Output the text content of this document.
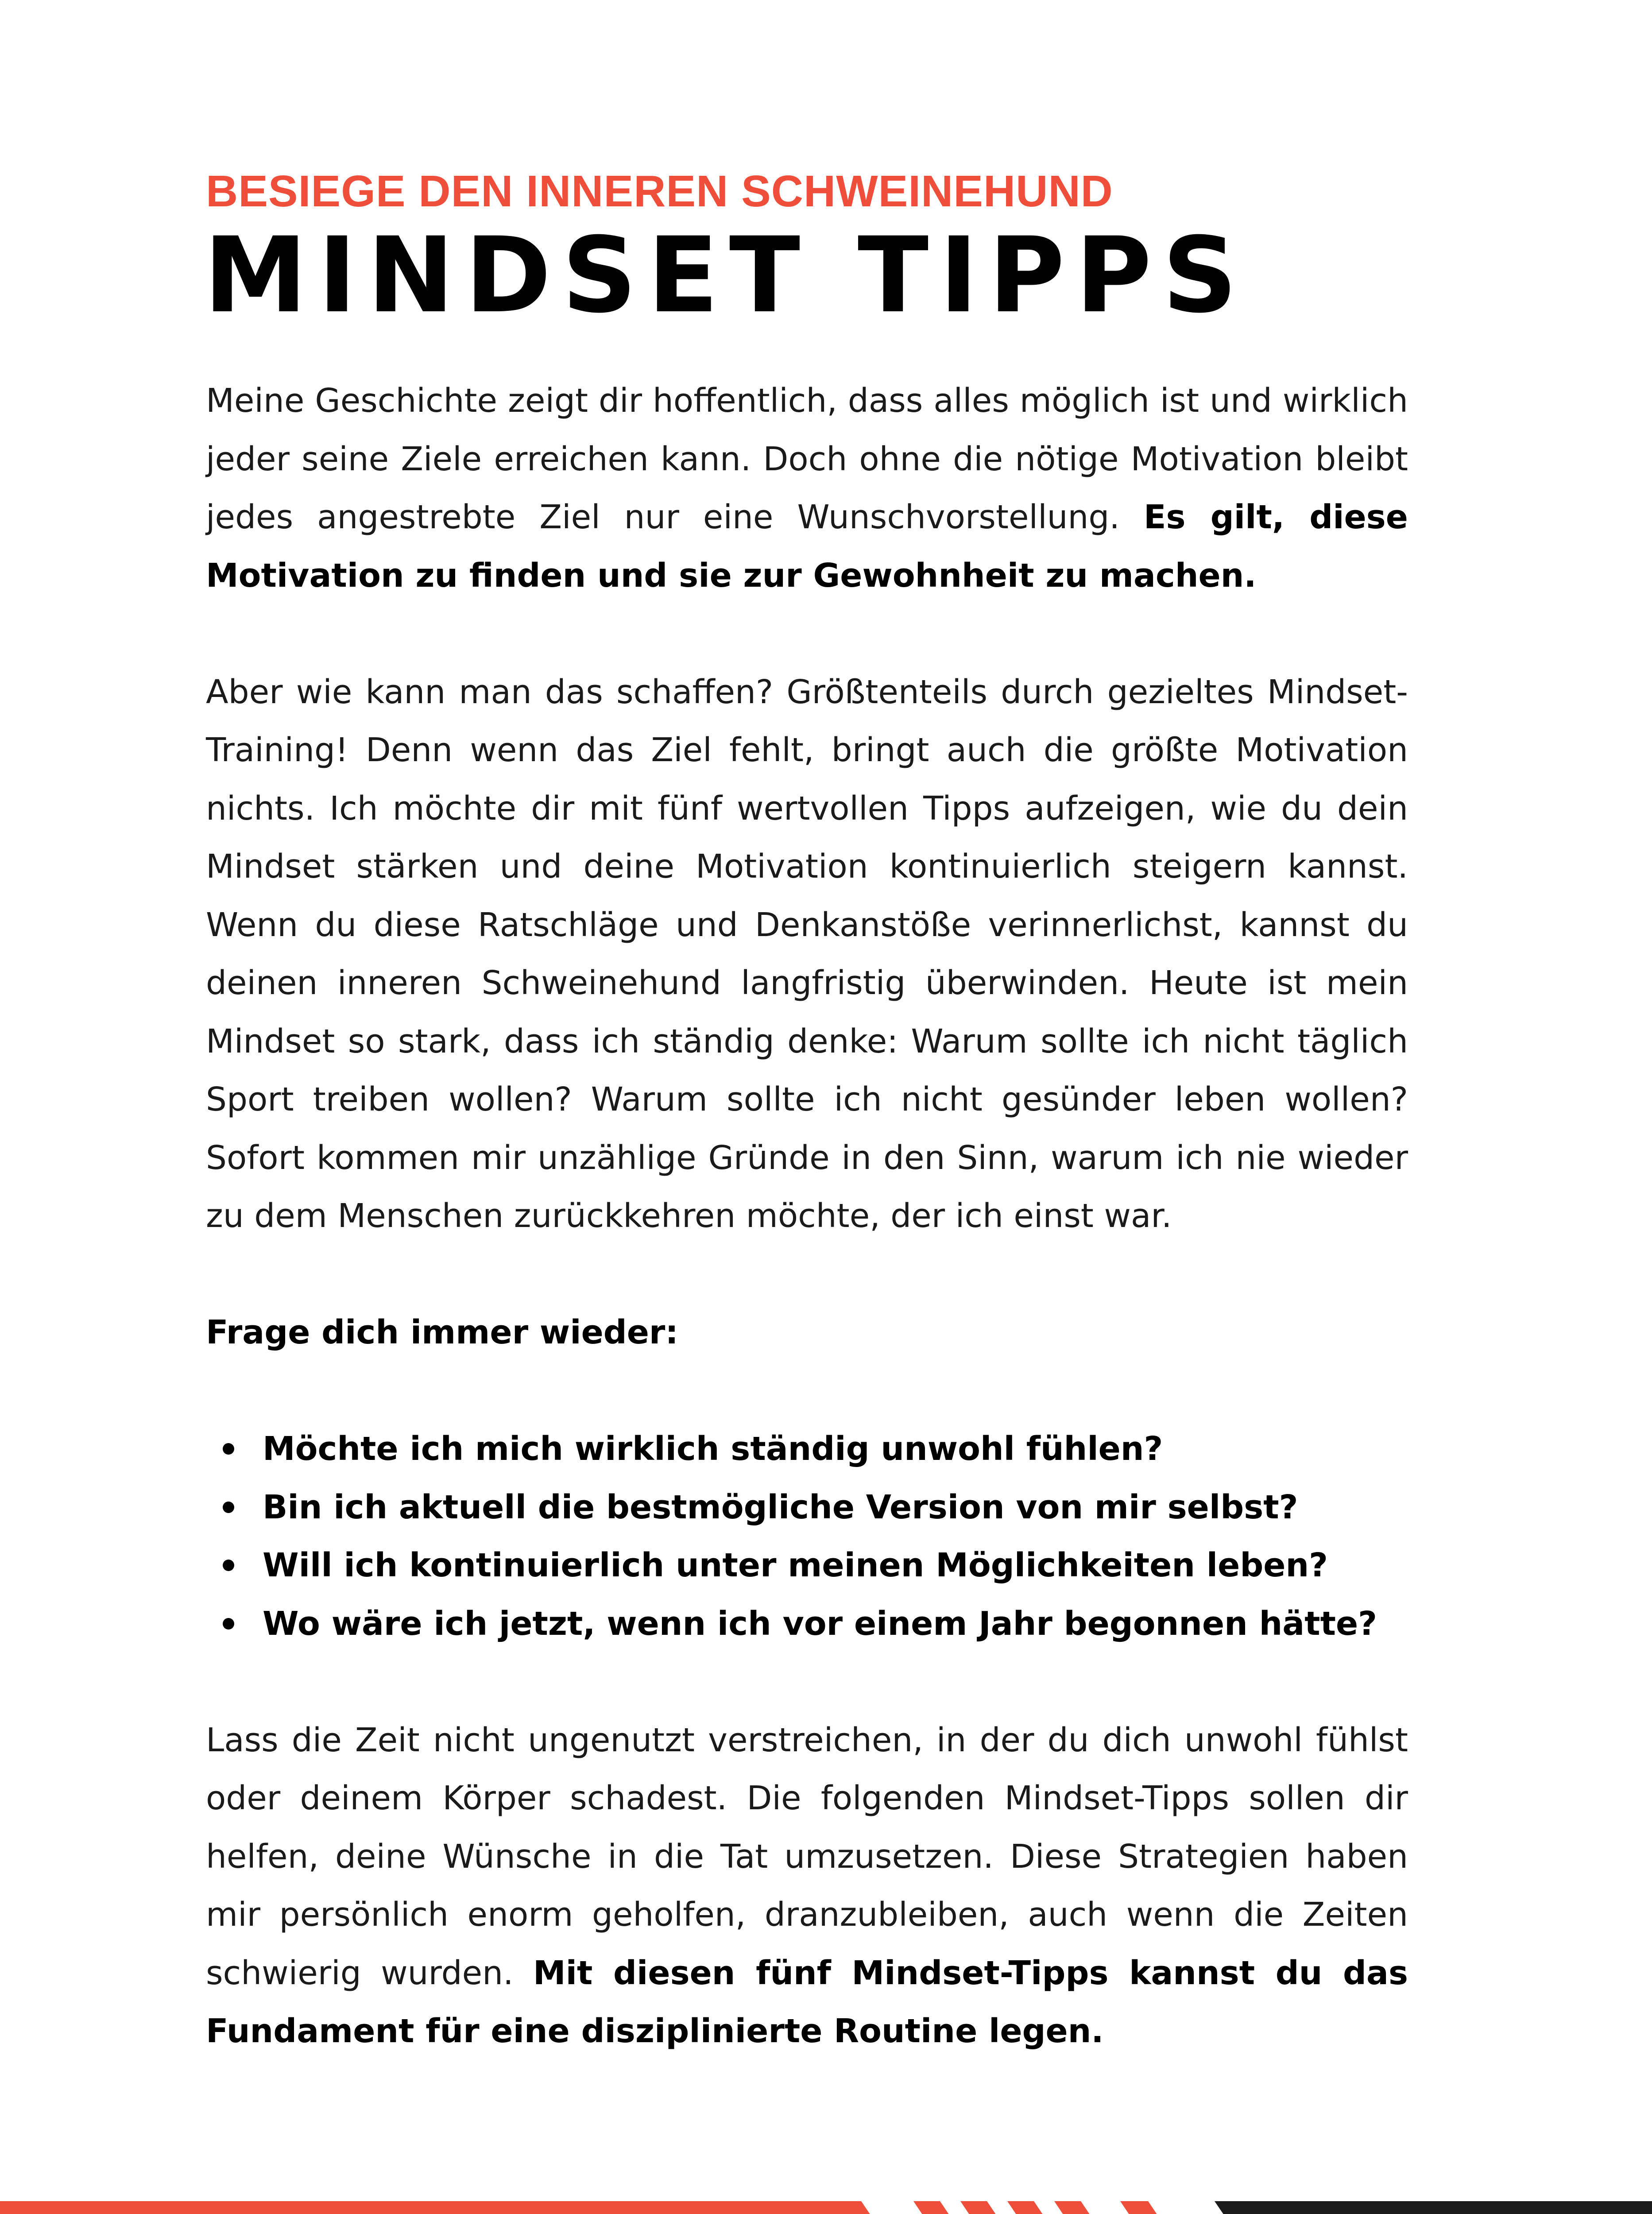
BESIEGE DEN INNEREN SCHWEINEHUND
MINDSET TIPPS

Meine Geschichte zeigt dir hoffentlich, dass alles möglich ist und wirklich jeder seine Ziele erreichen kann. Doch ohne die nötige Motivation bleibt jedes angestrebte Ziel nur eine Wunschvorstellung. Es gilt, diese Motivation zu finden und sie zur Gewohnheit zu machen.

Aber wie kann man das schaffen? Größtenteils durch gezieltes Mindset-Training! Denn wenn das Ziel fehlt, bringt auch die größte Motivation nichts. Ich möchte dir mit fünf wertvollen Tipps aufzeigen, wie du dein Mindset stärken und deine Motivation kontinuierlich steigern kannst. Wenn du diese Ratschläge und Denkanstöße verinnerlichst, kannst du deinen inneren Schweinehund langfristig überwinden. Heute ist mein Mindset so stark, dass ich ständig denke: Warum sollte ich nicht täglich Sport treiben wollen? Warum sollte ich nicht gesünder leben wollen? Sofort kommen mir unzählige Gründe in den Sinn, warum ich nie wieder zu dem Menschen zurückkehren möchte, der ich einst war.

Frage dich immer wieder:

Möchte ich mich wirklich ständig unwohl fühlen?
Bin ich aktuell die bestmögliche Version von mir selbst?
Will ich kontinuierlich unter meinen Möglichkeiten leben?
Wo wäre ich jetzt, wenn ich vor einem Jahr begonnen hätte?

Lass die Zeit nicht ungenutzt verstreichen, in der du dich unwohl fühlst oder deinem Körper schadest. Die folgenden Mindset-Tipps sollen dir helfen, deine Wünsche in die Tat umzusetzen. Diese Strategien haben mir persönlich enorm geholfen, dranzubleiben, auch wenn die Zeiten schwierig wurden. Mit diesen fünf Mindset-Tipps kannst du das Fundament für eine disziplinierte Routine legen.
